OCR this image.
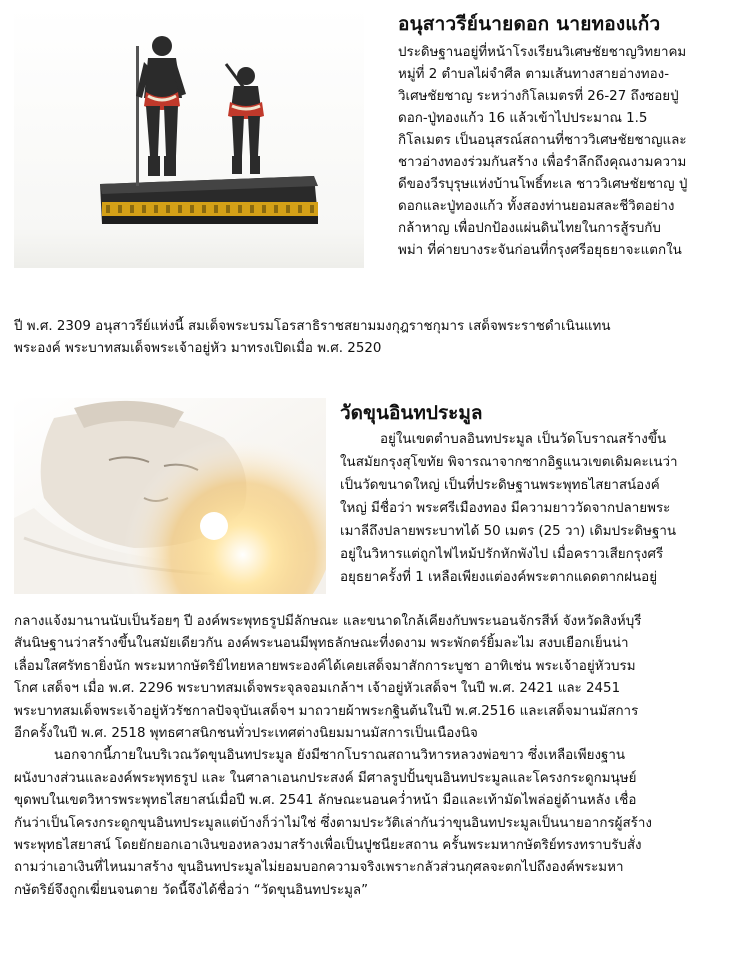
อนุสาวรีย์นายดอก นายทองแก้ว
ประดิษฐานอยู่ที่หน้าโรงเรียนวิเศษชัยชาญวิทยาคม
หมู่ที่ 2 ตำบลไผ่จำศีล ตามเส้นทางสายอ่างทอง-
วิเศษชัยชาญ ระหว่างกิโลเมตรที่ 26-27 ถึงซอยปู่
ดอก-ปู่ทองแก้ว 16 แล้วเข้าไปประมาณ 1.5
กิโลเมตร เป็นอนุสรณ์สถานที่ชาววิเศษชัยชาญและ
ชาวอ่างทองร่วมกันสร้าง เพื่อรำลึกถึงคุณงามความ
ดีของวีรบุรุษแห่งบ้านโพธิ์ทะเล ชาววิเศษชัยชาญ ปู่
ดอกและปู่ทองแก้ว ทั้งสองท่านยอมสละชีวิตอย่าง
กล้าหาญ เพื่อปกป้องแผ่นดินไทยในการสู้รบกับ
พม่า ที่ค่ายบางระจันก่อนที่กรุงศรีอยุธยาจะแตกใน
ปี พ.ศ. 2309 อนุสาวรีย์แห่งนี้ สมเด็จพระบรมโอรสาธิราชสยามมงกุฎราชกุมาร เสด็จพระราชดำเนินแทน
พระองค์ พระบาทสมเด็จพระเจ้าอยู่หัว มาทรงเปิดเมื่อ พ.ศ. 2520
วัดขุนอินทประมูล
อยู่ในเขตตำบลอินทประมูล เป็นวัดโบราณสร้างขึ้น
ในสมัยกรุงสุโขทัย พิจารณาจากซากอิฐแนวเขตเดิมคะเนว่า
เป็นวัดขนาดใหญ่ เป็นที่ประดิษฐานพระพุทธไสยาสน์องค์
ใหญ่ มีชื่อว่า พระศรีเมืองทอง มีความยาววัดจากปลายพระ
เมาลีถึงปลายพระบาทได้ 50 เมตร (25 วา) เดิมประดิษฐาน
อยู่ในวิหารแต่ถูกไฟไหม้ปรักหักพังไป เมื่อคราวเสียกรุงศรี
อยุธยาครั้งที่ 1 เหลือเพียงแต่องค์พระตากแดดตากฝนอยู่
กลางแจ้งมานานนับเป็นร้อยๆ ปี องค์พระพุทธรูปมีลักษณะ และขนาดใกล้เคียงกับพระนอนจักรสีห์ จังหวัดสิงห์บุรี
สันนิษฐานว่าสร้างขึ้นในสมัยเดียวกัน องค์พระนอนมีพุทธลักษณะที่งดงาม พระพักตร์ยิ้มละไม สงบเยือกเย็นน่า
เลื่อมใสศรัทธายิ่งนัก พระมหากษัตริย์ไทยหลายพระองค์ได้เคยเสด็จมาสักการะบูชา อาทิเช่น พระเจ้าอยู่หัวบรม
โกศ เสด็จฯ เมื่อ พ.ศ. 2296 พระบาทสมเด็จพระจุลจอมเกล้าฯ เจ้าอยู่หัวเสด็จฯ ในปี พ.ศ. 2421 และ 2451
พระบาทสมเด็จพระเจ้าอยู่หัวรัชกาลปัจจุบันเสด็จฯ มาถวายผ้าพระกฐินต้นในปี พ.ศ.2516 และเสด็จมานมัสการ
อีกครั้งในปี พ.ศ. 2518 พุทธศาสนิกชนทั่วประเทศต่างนิยมมานมัสการเป็นเนืองนิจ
นอกจากนี้ภายในบริเวณวัดขุนอินทประมูล ยังมีซากโบราณสถานวิหารหลวงพ่อขาว ซึ่งเหลือเพียงฐาน
ผนังบางส่วนและองค์พระพุทธรูป และ ในศาลาเอนกประสงค์ มีศาลรูปปั้นขุนอินทประมูลและโครงกระดูกมนุษย์
ขุดพบในเขตวิหารพระพุทธไสยาสน์เมื่อปี พ.ศ. 2541 ลักษณะนอนคว่ำหน้า มือและเท้ามัดไพล่อยู่ด้านหลัง เชื่อ
กันว่าเป็นโครงกระดูกขุนอินทประมูลแต่บ้างก็ว่าไม่ใช่ ซึ่งตามประวัติเล่ากันว่าขุนอินทประมูลเป็นนายอากรผู้สร้าง
พระพุทธไสยาสน์ โดยยักยอกเอาเงินของหลวงมาสร้างเพื่อเป็นปูชนียะสถาน ครั้นพระมหากษัตริย์ทรงทราบรับสั่ง
ถามว่าเอาเงินที่ไหนมาสร้าง ขุนอินทประมูลไม่ยอมบอกความจริงเพราะกลัวส่วนกุศลจะตกไปถึงองค์พระมหา
กษัตริย์จึงถูกเฆี่ยนจนตาย วัดนี้จึงได้ชื่อว่า “วัดขุนอินทประมูล”
